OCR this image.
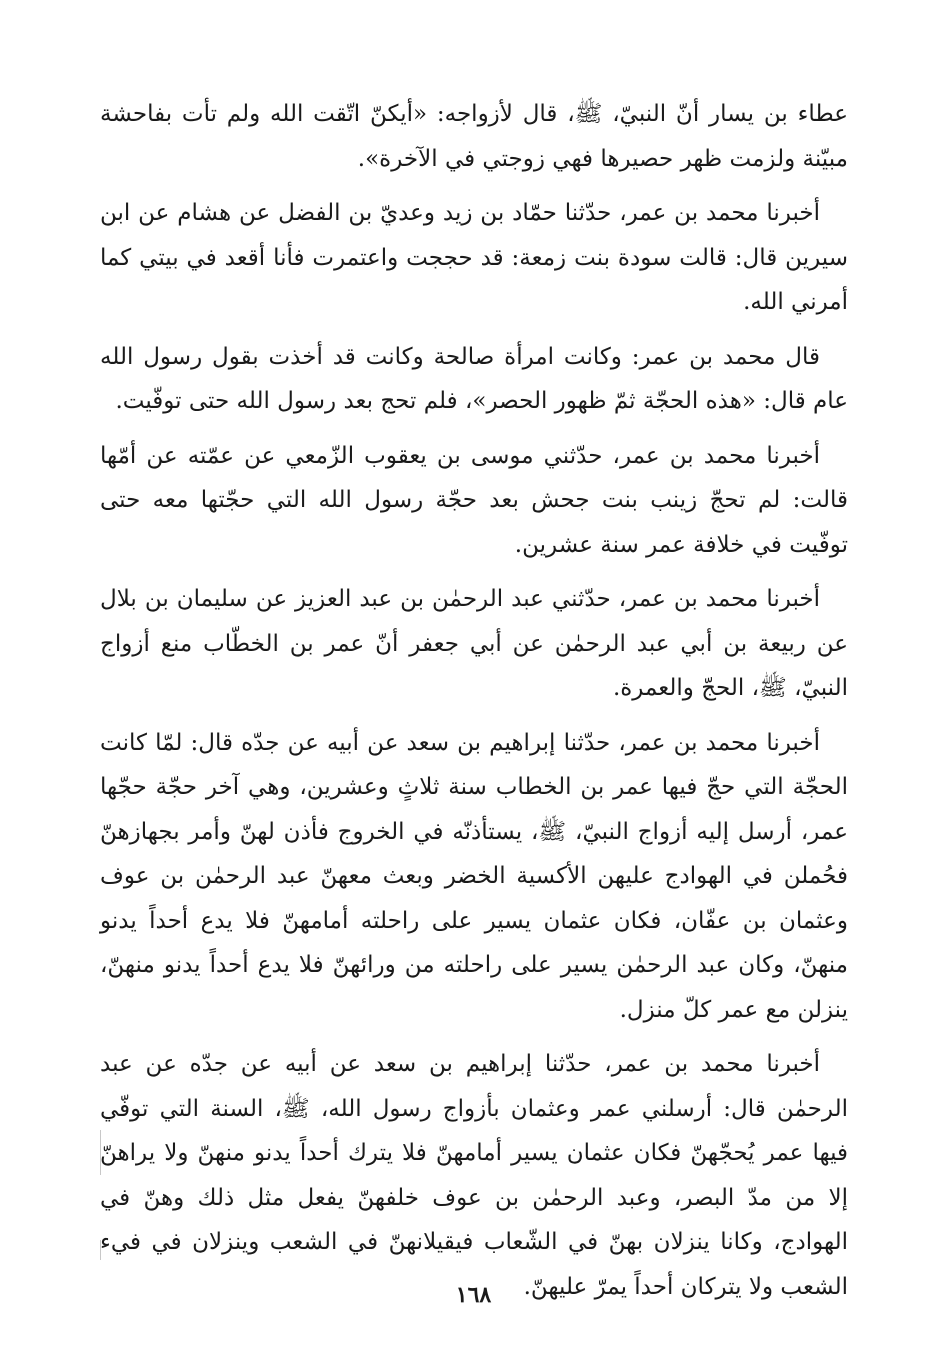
عطاء بن يسار أنّ النبيّ، ﷺ، قال لأزواجه: «أيكنّ اتّقت الله ولم تأت بفاحشة مبيّنة ولزمت ظهر حصيرها فهي زوجتي في الآخرة».

أخبرنا محمد بن عمر، حدّثنا حمّاد بن زيد وعديّ بن الفضل عن هشام عن ابن سيرين قال: قالت سودة بنت زمعة: قد حججت واعتمرت فأنا أقعد في بيتي كما أمرني الله.

قال محمد بن عمر: وكانت امرأة صالحة وكانت قد أخذت بقول رسول الله عام قال: «هذه الحجّة ثمّ ظهور الحصر»، فلم تحج بعد رسول الله حتى توفّيت.

أخبرنا محمد بن عمر، حدّثني موسى بن يعقوب الزّمعي عن عمّته عن أمّها قالت: لم تحجّ زينب بنت جحش بعد حجّة رسول الله التي حجّتها معه حتى توفّيت في خلافة عمر سنة عشرين.

أخبرنا محمد بن عمر، حدّثني عبد الرحمٰن بن عبد العزيز عن سليمان بن بلال عن ربيعة بن أبي عبد الرحمٰن عن أبي جعفر أنّ عمر بن الخطّاب منع أزواج النبيّ، ﷺ، الحجّ والعمرة.

أخبرنا محمد بن عمر، حدّثنا إبراهيم بن سعد عن أبيه عن جدّه قال: لمّا كانت الحجّة التي حجّ فيها عمر بن الخطاب سنة ثلاثٍ وعشرين، وهي آخر حجّة حجّها عمر، أرسل إليه أزواج النبيّ، ﷺ، يستأذنّه في الخروج فأذن لهنّ وأمر بجهازهنّ فحُملن في الهوادج عليهن الأكسية الخضر وبعث معهنّ عبد الرحمٰن بن عوف وعثمان بن عفّان، فكان عثمان يسير على راحلته أمامهنّ فلا يدع أحداً يدنو منهنّ، وكان عبد الرحمٰن يسير على راحلته من ورائهنّ فلا يدع أحداً يدنو منهنّ، ينزلن مع عمر كلّ منزل.

أخبرنا محمد بن عمر، حدّثنا إبراهيم بن سعد عن أبيه عن جدّه عن عبد الرحمٰن قال: أرسلني عمر وعثمان بأزواج رسول الله، ﷺ، السنة التي توفّي فيها عمر يُحجّهنّ فكان عثمان يسير أمامهنّ فلا يترك أحداً يدنو منهنّ ولا يراهنّ إلا من مدّ البصر، وعبد الرحمٰن بن عوف خلفهنّ يفعل مثل ذلك وهنّ في الهوادج، وكانا ينزلان بهنّ في الشّعاب فيقيلانهنّ في الشعب وينزلان في فيء الشعب ولا يتركان أحداً يمرّ عليهنّ.

١٦٨
